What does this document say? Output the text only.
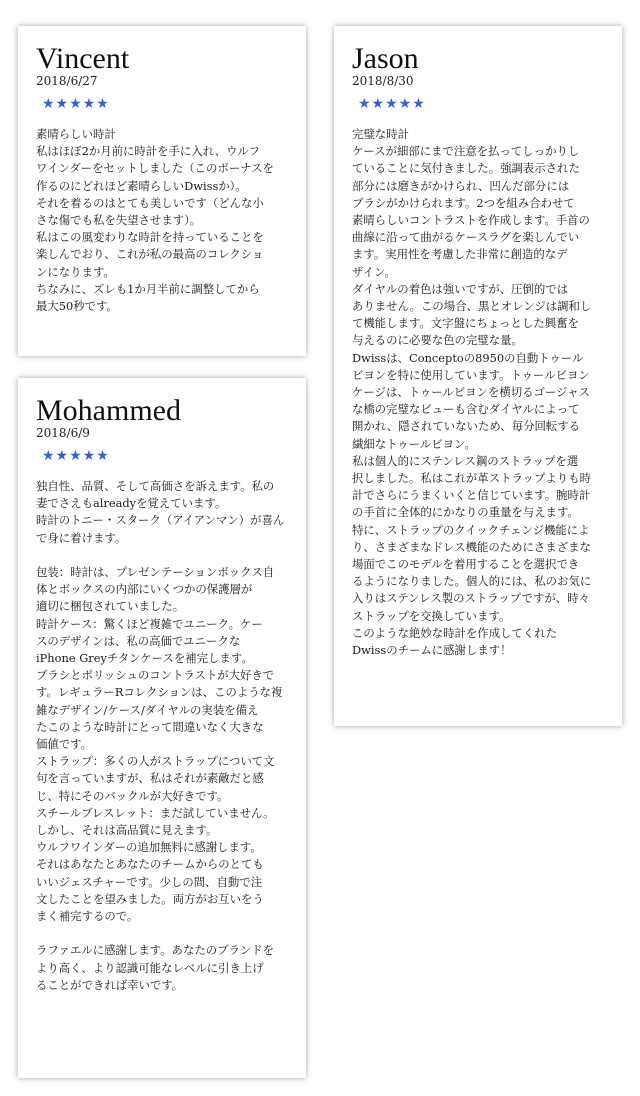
Vincent
2018/6/27
★★★★★

素晴らしい時計
私はほぼ2か月前に時計を手に入れ、ウルフ
ワインダーをセットしました（このボーナスを
作るのにどれほど素晴らしいDwissか）。
それを着るのはとても美しいです（どんな小
さな傷でも私を失望させます）。
私はこの風変わりな時計を持っていることを
楽しんでおり、これが私の最高のコレクショ
ンになります。
ちなみに、ズレも1か月半前に調整してから
最大50秒です。

Jason
2018/8/30
★★★★★

完璧な時計
ケースが細部にまで注意を払ってしっかりし
ていることに気付きました。強調表示された
部分には磨きがかけられ、凹んだ部分には
ブラシがかけられます。2つを組み合わせて
素晴らしいコントラストを作成します。手首の
曲線に沿って曲がるケースラグを楽しんでい
ます。実用性を考慮した非常に創造的なデ
ザイン。
ダイヤルの着色は強いですが、圧倒的では
ありません。この場合、黒とオレンジは調和し
て機能します。文字盤にちょっとした興奮を
与えるのに必要な色の完璧な量。
Dwissは、Conceptoの8950の自動トゥール
ビヨンを特に使用しています。トゥールビヨン
ケージは、トゥールビヨンを横切るゴージャス
な橋の完璧なビューも含むダイヤルによって
開かれ、隠されていないため、毎分回転する
繊細なトゥールビヨン。
私は個人的にステンレス鋼のストラップを選
択しました。私はこれが革ストラップよりも時
計でさらにうまくいくと信じています。腕時計
の手首に全体的にかなりの重量を与えます。
特に、ストラップのクイックチェンジ機能によ
り、さまざまなドレス機能のためにさまざまな
場面でこのモデルを着用することを選択でき
るようになりました。個人的には、私のお気に
入りはステンレス製のストラップですが、時々
ストラップを交換しています。
このような絶妙な時計を作成してくれた
Dwissのチームに感謝します！

Mohammed
2018/6/9
★★★★★

独自性、品質、そして高価さを訴えます。私の
妻でさえもalreadyを覚えています。
時計のトニー・スターク（アイアンマン）が喜ん
で身に着けます。

包装：時計は、プレゼンテーションボックス自
体とボックスの内部にいくつかの保護層が
適切に梱包されていました。
時計ケース：驚くほど複雑でユニーク。ケー
スのデザインは、私の高価でユニークな
iPhone Greyチタンケースを補完します。
ブラシとポリッシュのコントラストが大好きで
す。レギュラーRコレクションは、このような複
雑なデザイン/ケース/ダイヤルの実装を備え
たこのような時計にとって間違いなく大きな
価値です。
ストラップ：多くの人がストラップについて文
句を言っていますが、私はそれが素敵だと感
じ、特にそのバックルが大好きです。
スチールブレスレット：まだ試していません。
しかし、それは高品質に見えます。
ウルフワインダーの追加無料に感謝します。
それはあなたとあなたのチームからのとても
いいジェスチャーです。少しの間、自動で注
文したことを望みました。両方がお互いをう
まく補完するので。

ラファエルに感謝します。あなたのブランドを
より高く、より認識可能なレベルに引き上げ
ることができれば幸いです。
